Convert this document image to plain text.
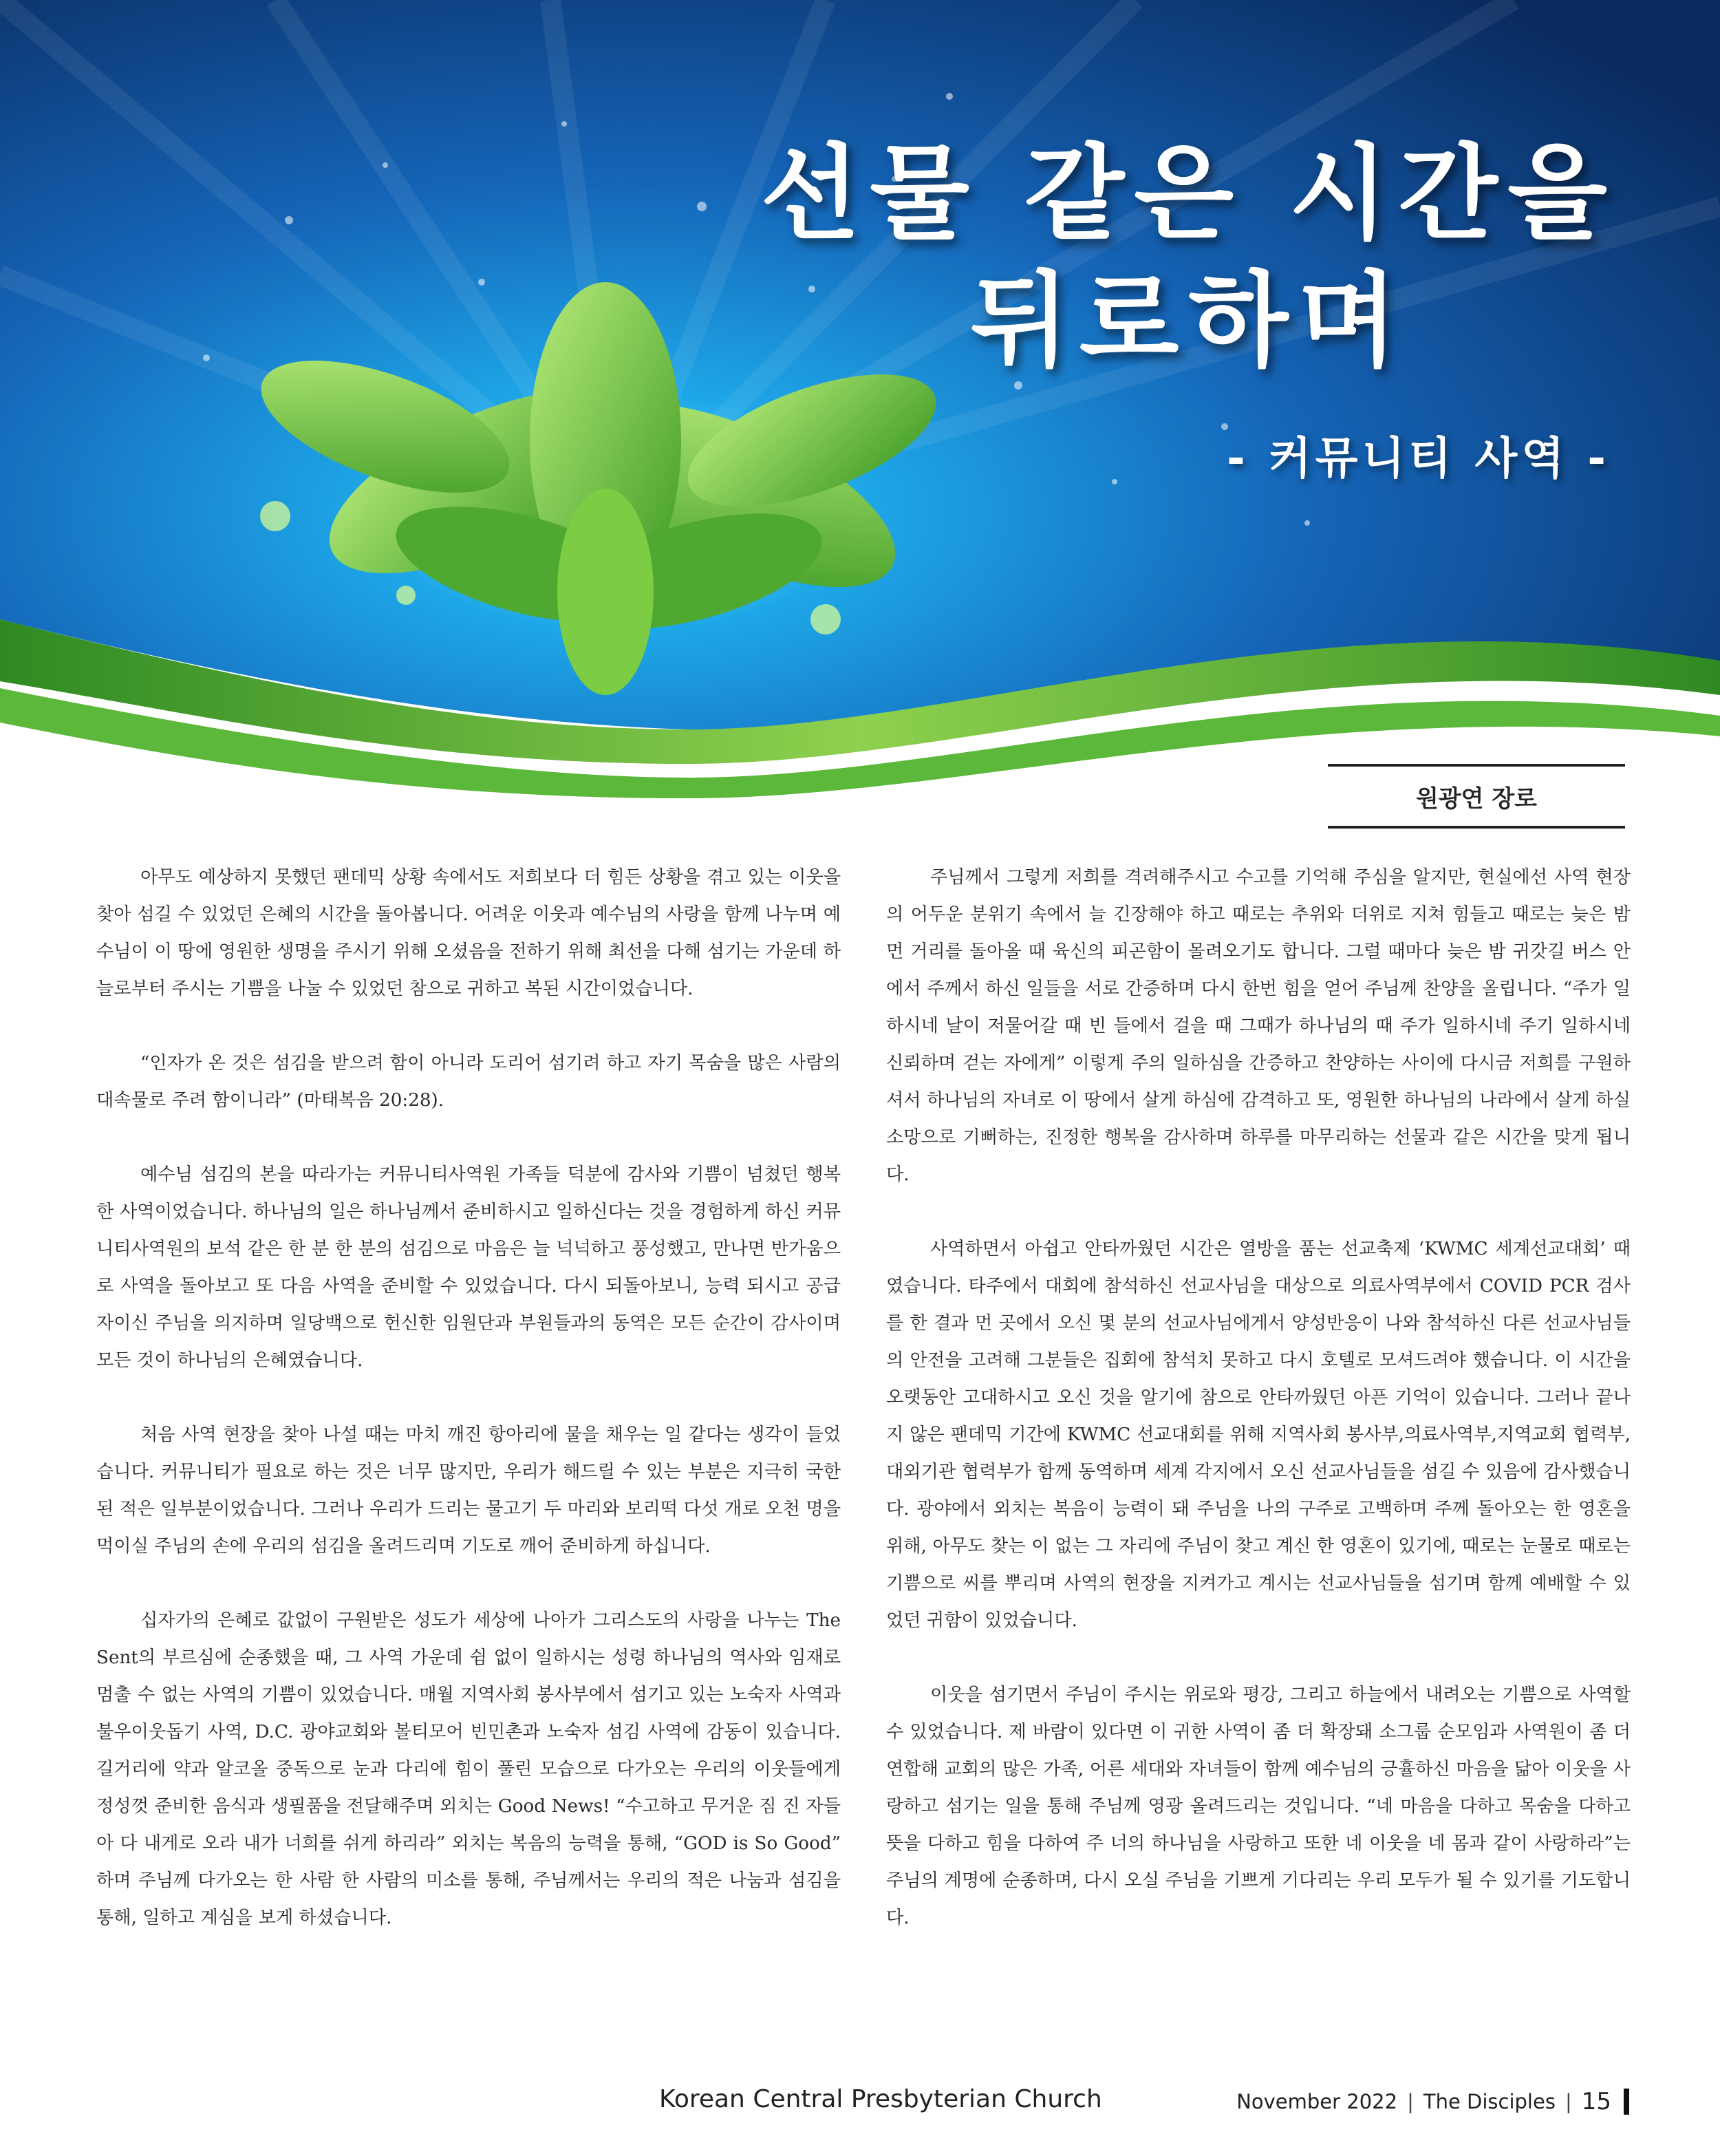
선물 같은 시간을
뒤로하며
- 커뮤니티 사역 -
원광연 장로

아무도 예상하지 못했던 팬데믹 상황 속에서도 저희보다 더 힘든 상황을 겪고 있는 이웃을 찾아 섬길 수 있었던 은혜의 시간을 돌아봅니다. 어려운 이웃과 예수님의 사랑을 함께 나누며 예수님이 이 땅에 영원한 생명을 주시기 위해 오셨음을 전하기 위해 최선을 다해 섬기는 가운데 하늘로부터 주시는 기쁨을 나눌 수 있었던 참으로 귀하고 복된 시간이었습니다.

“인자가 온 것은 섬김을 받으려 함이 아니라 도리어 섬기려 하고 자기 목숨을 많은 사람의 대속물로 주려 함이니라” (마태복음 20:28).

예수님 섬김의 본을 따라가는 커뮤니티사역원 가족들 덕분에 감사와 기쁨이 넘쳤던 행복한 사역이었습니다. 하나님의 일은 하나님께서 준비하시고 일하신다는 것을 경험하게 하신 커뮤니티사역원의 보석 같은 한 분 한 분의 섬김으로 마음은 늘 넉넉하고 풍성했고, 만나면 반가움으로 사역을 돌아보고 또 다음 사역을 준비할 수 있었습니다. 다시 되돌아보니, 능력 되시고 공급자이신 주님을 의지하며 일당백으로 헌신한 임원단과 부원들과의 동역은 모든 순간이 감사이며 모든 것이 하나님의 은혜였습니다.

처음 사역 현장을 찾아 나설 때는 마치 깨진 항아리에 물을 채우는 일 같다는 생각이 들었습니다. 커뮤니티가 필요로 하는 것은 너무 많지만, 우리가 해드릴 수 있는 부분은 지극히 국한된 적은 일부분이었습니다. 그러나 우리가 드리는 물고기 두 마리와 보리떡 다섯 개로 오천 명을 먹이실 주님의 손에 우리의 섬김을 올려드리며 기도로 깨어 준비하게 하십니다.

십자가의 은혜로 값없이 구원받은 성도가 세상에 나아가 그리스도의 사랑을 나누는 The Sent의 부르심에 순종했을 때, 그 사역 가운데 쉼 없이 일하시는 성령 하나님의 역사와 임재로 멈출 수 없는 사역의 기쁨이 있었습니다. 매월 지역사회 봉사부에서 섬기고 있는 노숙자 사역과 불우이웃돕기 사역, D.C. 광야교회와 볼티모어 빈민촌과 노숙자 섬김 사역에 감동이 있습니다. 길거리에 약과 알코올 중독으로 눈과 다리에 힘이 풀린 모습으로 다가오는 우리의 이웃들에게 정성껏 준비한 음식과 생필품을 전달해주며 외치는 Good News! “수고하고 무거운 짐 진 자들아 다 내게로 오라 내가 너희를 쉬게 하리라” 외치는 복음의 능력을 통해, “GOD is So Good” 하며 주님께 다가오는 한 사람 한 사람의 미소를 통해, 주님께서는 우리의 적은 나눔과 섬김을 통해, 일하고 계심을 보게 하셨습니다.

주님께서 그렇게 저희를 격려해주시고 수고를 기억해 주심을 알지만, 현실에선 사역 현장의 어두운 분위기 속에서 늘 긴장해야 하고 때로는 추위와 더위로 지쳐 힘들고 때로는 늦은 밤 먼 거리를 돌아올 때 육신의 피곤함이 몰려오기도 합니다. 그럴 때마다 늦은 밤 귀갓길 버스 안에서 주께서 하신 일들을 서로 간증하며 다시 한번 힘을 얻어 주님께 찬양을 올립니다. “주가 일하시네 날이 저물어갈 때 빈 들에서 걸을 때 그때가 하나님의 때 주가 일하시네 주기 일하시네 신뢰하며 걷는 자에게” 이렇게 주의 일하심을 간증하고 찬양하는 사이에 다시금 저희를 구원하셔서 하나님의 자녀로 이 땅에서 살게 하심에 감격하고 또, 영원한 하나님의 나라에서 살게 하실 소망으로 기뻐하는, 진정한 행복을 감사하며 하루를 마무리하는 선물과 같은 시간을 맞게 됩니다.

사역하면서 아쉽고 안타까웠던 시간은 열방을 품는 선교축제 ‘KWMC 세계선교대회’ 때였습니다. 타주에서 대회에 참석하신 선교사님을 대상으로 의료사역부에서 COVID PCR 검사를 한 결과 먼 곳에서 오신 몇 분의 선교사님에게서 양성반응이 나와 참석하신 다른 선교사님들의 안전을 고려해 그분들은 집회에 참석치 못하고 다시 호텔로 모셔드려야 했습니다. 이 시간을 오랫동안 고대하시고 오신 것을 알기에 참으로 안타까웠던 아픈 기억이 있습니다. 그러나 끝나지 않은 팬데믹 기간에 KWMC 선교대회를 위해 지역사회 봉사부,의료사역부,지역교회 협력부,대외기관 협력부가 함께 동역하며 세계 각지에서 오신 선교사님들을 섬길 수 있음에 감사했습니다. 광야에서 외치는 복음이 능력이 돼 주님을 나의 구주로 고백하며 주께 돌아오는 한 영혼을 위해, 아무도 찾는 이 없는 그 자리에 주님이 찾고 계신 한 영혼이 있기에, 때로는 눈물로 때로는 기쁨으로 씨를 뿌리며 사역의 현장을 지켜가고 계시는 선교사님들을 섬기며 함께 예배할 수 있었던 귀함이 있었습니다.

이웃을 섬기면서 주님이 주시는 위로와 평강, 그리고 하늘에서 내려오는 기쁨으로 사역할 수 있었습니다. 제 바람이 있다면 이 귀한 사역이 좀 더 확장돼 소그룹 순모임과 사역원이 좀 더 연합해 교회의 많은 가족, 어른 세대와 자녀들이 함께 예수님의 긍휼하신 마음을 닮아 이웃을 사랑하고 섬기는 일을 통해 주님께 영광 올려드리는 것입니다. “네 마음을 다하고 목숨을 다하고 뜻을 다하고 힘을 다하여 주 너의 하나님을 사랑하고 또한 네 이웃을 네 몸과 같이 사랑하라”는 주님의 계명에 순종하며, 다시 오실 주님을 기쁘게 기다리는 우리 모두가 될 수 있기를 기도합니다.

Korean Central Presbyterian Church	November 2022 | The Disciples | 15
